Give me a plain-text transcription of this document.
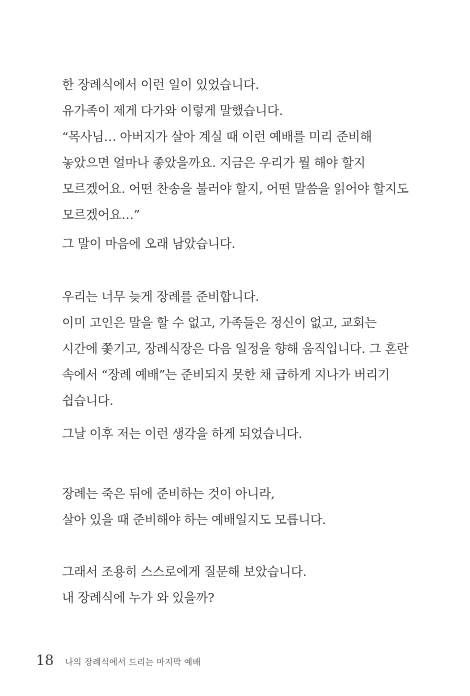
한 장례식에서 이런 일이 있었습니다.
유가족이 제게 다가와 이렇게 말했습니다.
“목사님… 아버지가 살아 계실 때 이런 예배를 미리 준비해 놓았으면 얼마나 좋았을까요. 지금은 우리가 뭘 해야 할지 모르겠어요. 어떤 찬송을 불러야 할지, 어떤 말씀을 읽어야 할지도 모르겠어요…”
그 말이 마음에 오래 남았습니다.
우리는 너무 늦게 장례를 준비합니다.
이미 고인은 말을 할 수 없고, 가족들은 정신이 없고, 교회는 시간에 쫓기고, 장례식장은 다음 일정을 향해 움직입니다. 그 혼란 속에서 “장례 예배”는 준비되지 못한 채 급하게 지나가 버리기 쉽습니다.
그날 이후 저는 이런 생각을 하게 되었습니다.
장례는 죽은 뒤에 준비하는 것이 아니라,
살아 있을 때 준비해야 하는 예배일지도 모릅니다.
그래서 조용히 스스로에게 질문해 보았습니다.
내 장례식에 누가 와 있을까?
18 나의 장례식에서 드리는 마지막 예배
